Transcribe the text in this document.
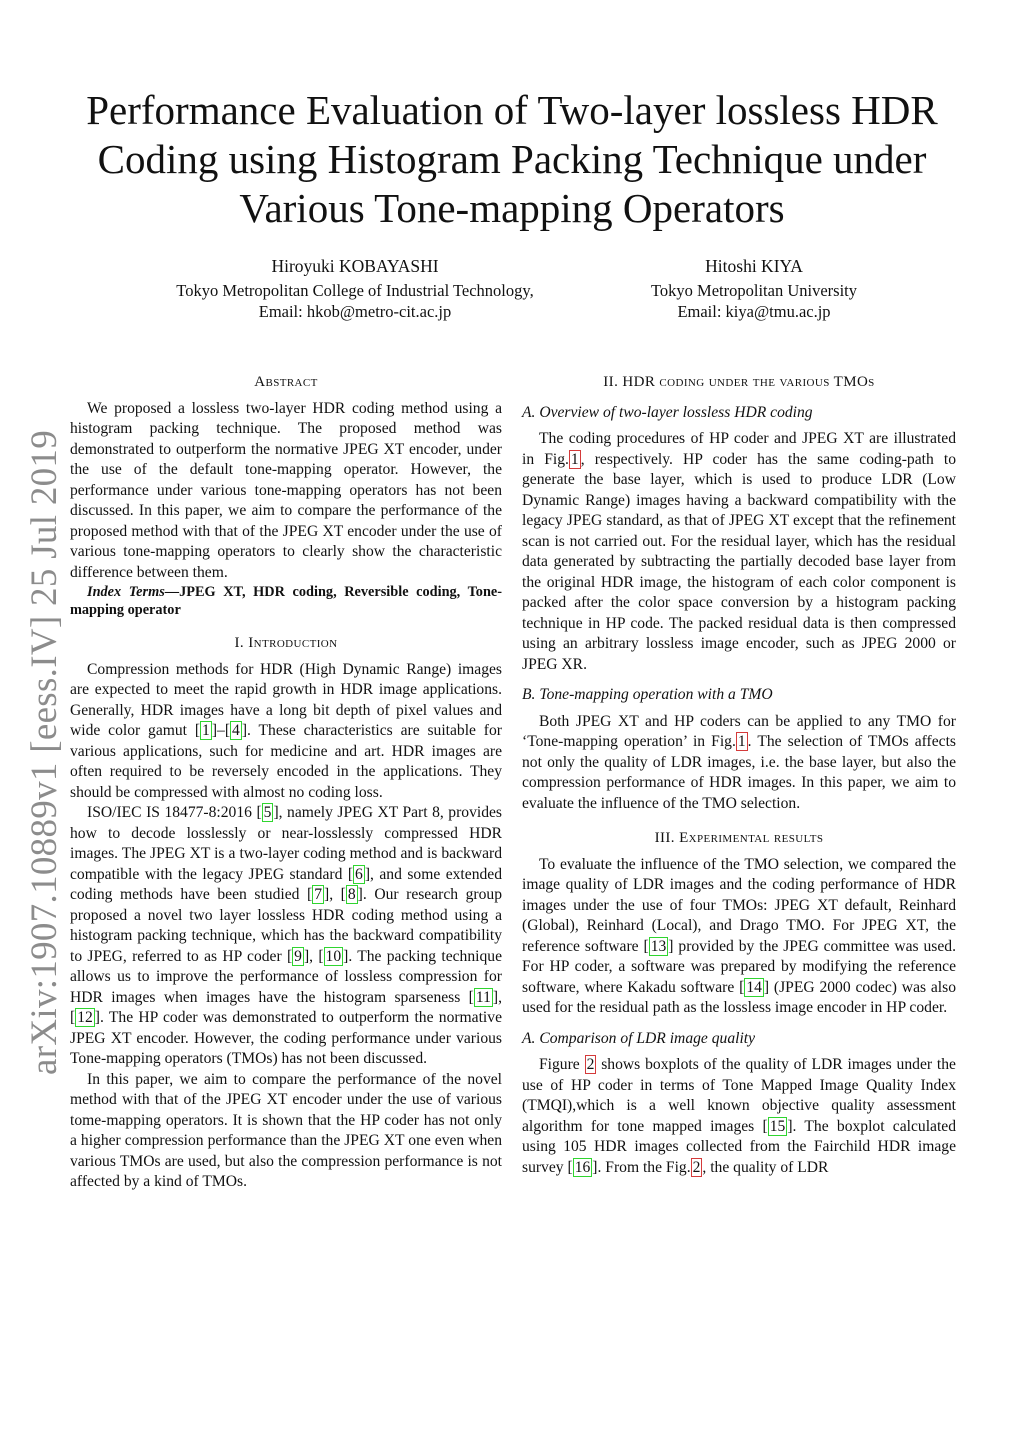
Performance Evaluation of Two-layer lossless HDR Coding using Histogram Packing Technique under Various Tone-mapping Operators
Hiroyuki KOBAYASHI
Tokyo Metropolitan College of Industrial Technology,
Email: hkob@metro-cit.ac.jp
Hitoshi KIYA
Tokyo Metropolitan University
Email: kiya@tmu.ac.jp
arXiv:1907.10889v1 [eess.IV] 25 Jul 2019
Abstract

We proposed a lossless two-layer HDR coding method using a histogram packing technique. The proposed method was demonstrated to outperform the normative JPEG XT encoder, under the use of the default tone-mapping operator. However, the performance under various tone-mapping operators has not been discussed. In this paper, we aim to compare the performance of the proposed method with that of the JPEG XT encoder under the use of various tone-mapping operators to clearly show the characteristic difference between them.

Index Terms—JPEG XT, HDR coding, Reversible coding, Tone-mapping operator

I. Introduction

Compression methods for HDR (High Dynamic Range) images are expected to meet the rapid growth in HDR image applications. Generally, HDR images have a long bit depth of pixel values and wide color gamut [ 1 ]–[ 4 ]. These characteristics are suitable for various applications, such for medicine and art. HDR images are often required to be reversely encoded in the applications. They should be compressed with almost no coding loss.

ISO/IEC IS 18477-8:2016 [ 5 ], namely JPEG XT Part 8, provides how to decode losslessly or near-losslessly compressed HDR images. The JPEG XT is a two-layer coding method and is backward compatible with the legacy JPEG standard [ 6 ], and some extended coding methods have been studied [ 7 ], [ 8 ]. Our research group proposed a novel two layer lossless HDR coding method using a histogram packing technique, which has the backward compatibility to JPEG, referred to as HP coder [ 9 ], [ 10 ]. The packing technique allows us to improve the performance of lossless compression for HDR images when images have the histogram sparseness [ 11 ], [ 12 ]. The HP coder was demonstrated to outperform the normative JPEG XT encoder. However, the coding performance under various Tone-mapping operators (TMOs) has not been discussed.

In this paper, we aim to compare the performance of the novel method with that of the JPEG XT encoder under the use of various tome-mapping operators. It is shown that the HP coder has not only a higher compression performance than the JPEG XT one even when various TMOs are used, but also the compression performance is not affected by a kind of TMOs.

II. HDR coding under the various TMOs
A. Overview of two-layer lossless HDR coding

The coding procedures of HP coder and JPEG XT are illustrated in Fig. 1 , respectively. HP coder has the same coding-path to generate the base layer, which is used to produce LDR (Low Dynamic Range) images having a backward compatibility with the legacy JPEG standard, as that of JPEG XT except that the refinement scan is not carried out. For the residual layer, which has the residual data generated by subtracting the partially decoded base layer from the original HDR image, the histogram of each color component is packed after the color space conversion by a histogram packing technique in HP code. The packed residual data is then compressed using an arbitrary lossless image encoder, such as JPEG 2000 or JPEG XR.

B. Tone-mapping operation with a TMO

Both JPEG XT and HP coders can be applied to any TMO for ‘Tone-mapping operation’ in Fig. 1 . The selection of TMOs affects not only the quality of LDR images, i.e. the base layer, but also the compression performance of HDR images. In this paper, we aim to evaluate the influence of the TMO selection.

III. Experimental results

To evaluate the influence of the TMO selection, we compared the image quality of LDR images and the coding performance of HDR images under the use of four TMOs: JPEG XT default, Reinhard (Global), Reinhard (Local), and Drago TMO. For JPEG XT, the reference software [ 13 ] provided by the JPEG committee was used. For HP coder, a software was prepared by modifying the reference software, where Kakadu software [ 14 ] (JPEG 2000 codec) was also used for the residual path as the lossless image encoder in HP coder.

A. Comparison of LDR image quality

Figure 2 shows boxplots of the quality of LDR images under the use of HP coder in terms of Tone Mapped Image Quality Index (TMQI),which is a well known objective quality assessment algorithm for tone mapped images [ 15 ]. The boxplot calculated using 105 HDR images collected from the Fairchild HDR image survey [ 16 ]. From the Fig. 2 , the quality of LDR
